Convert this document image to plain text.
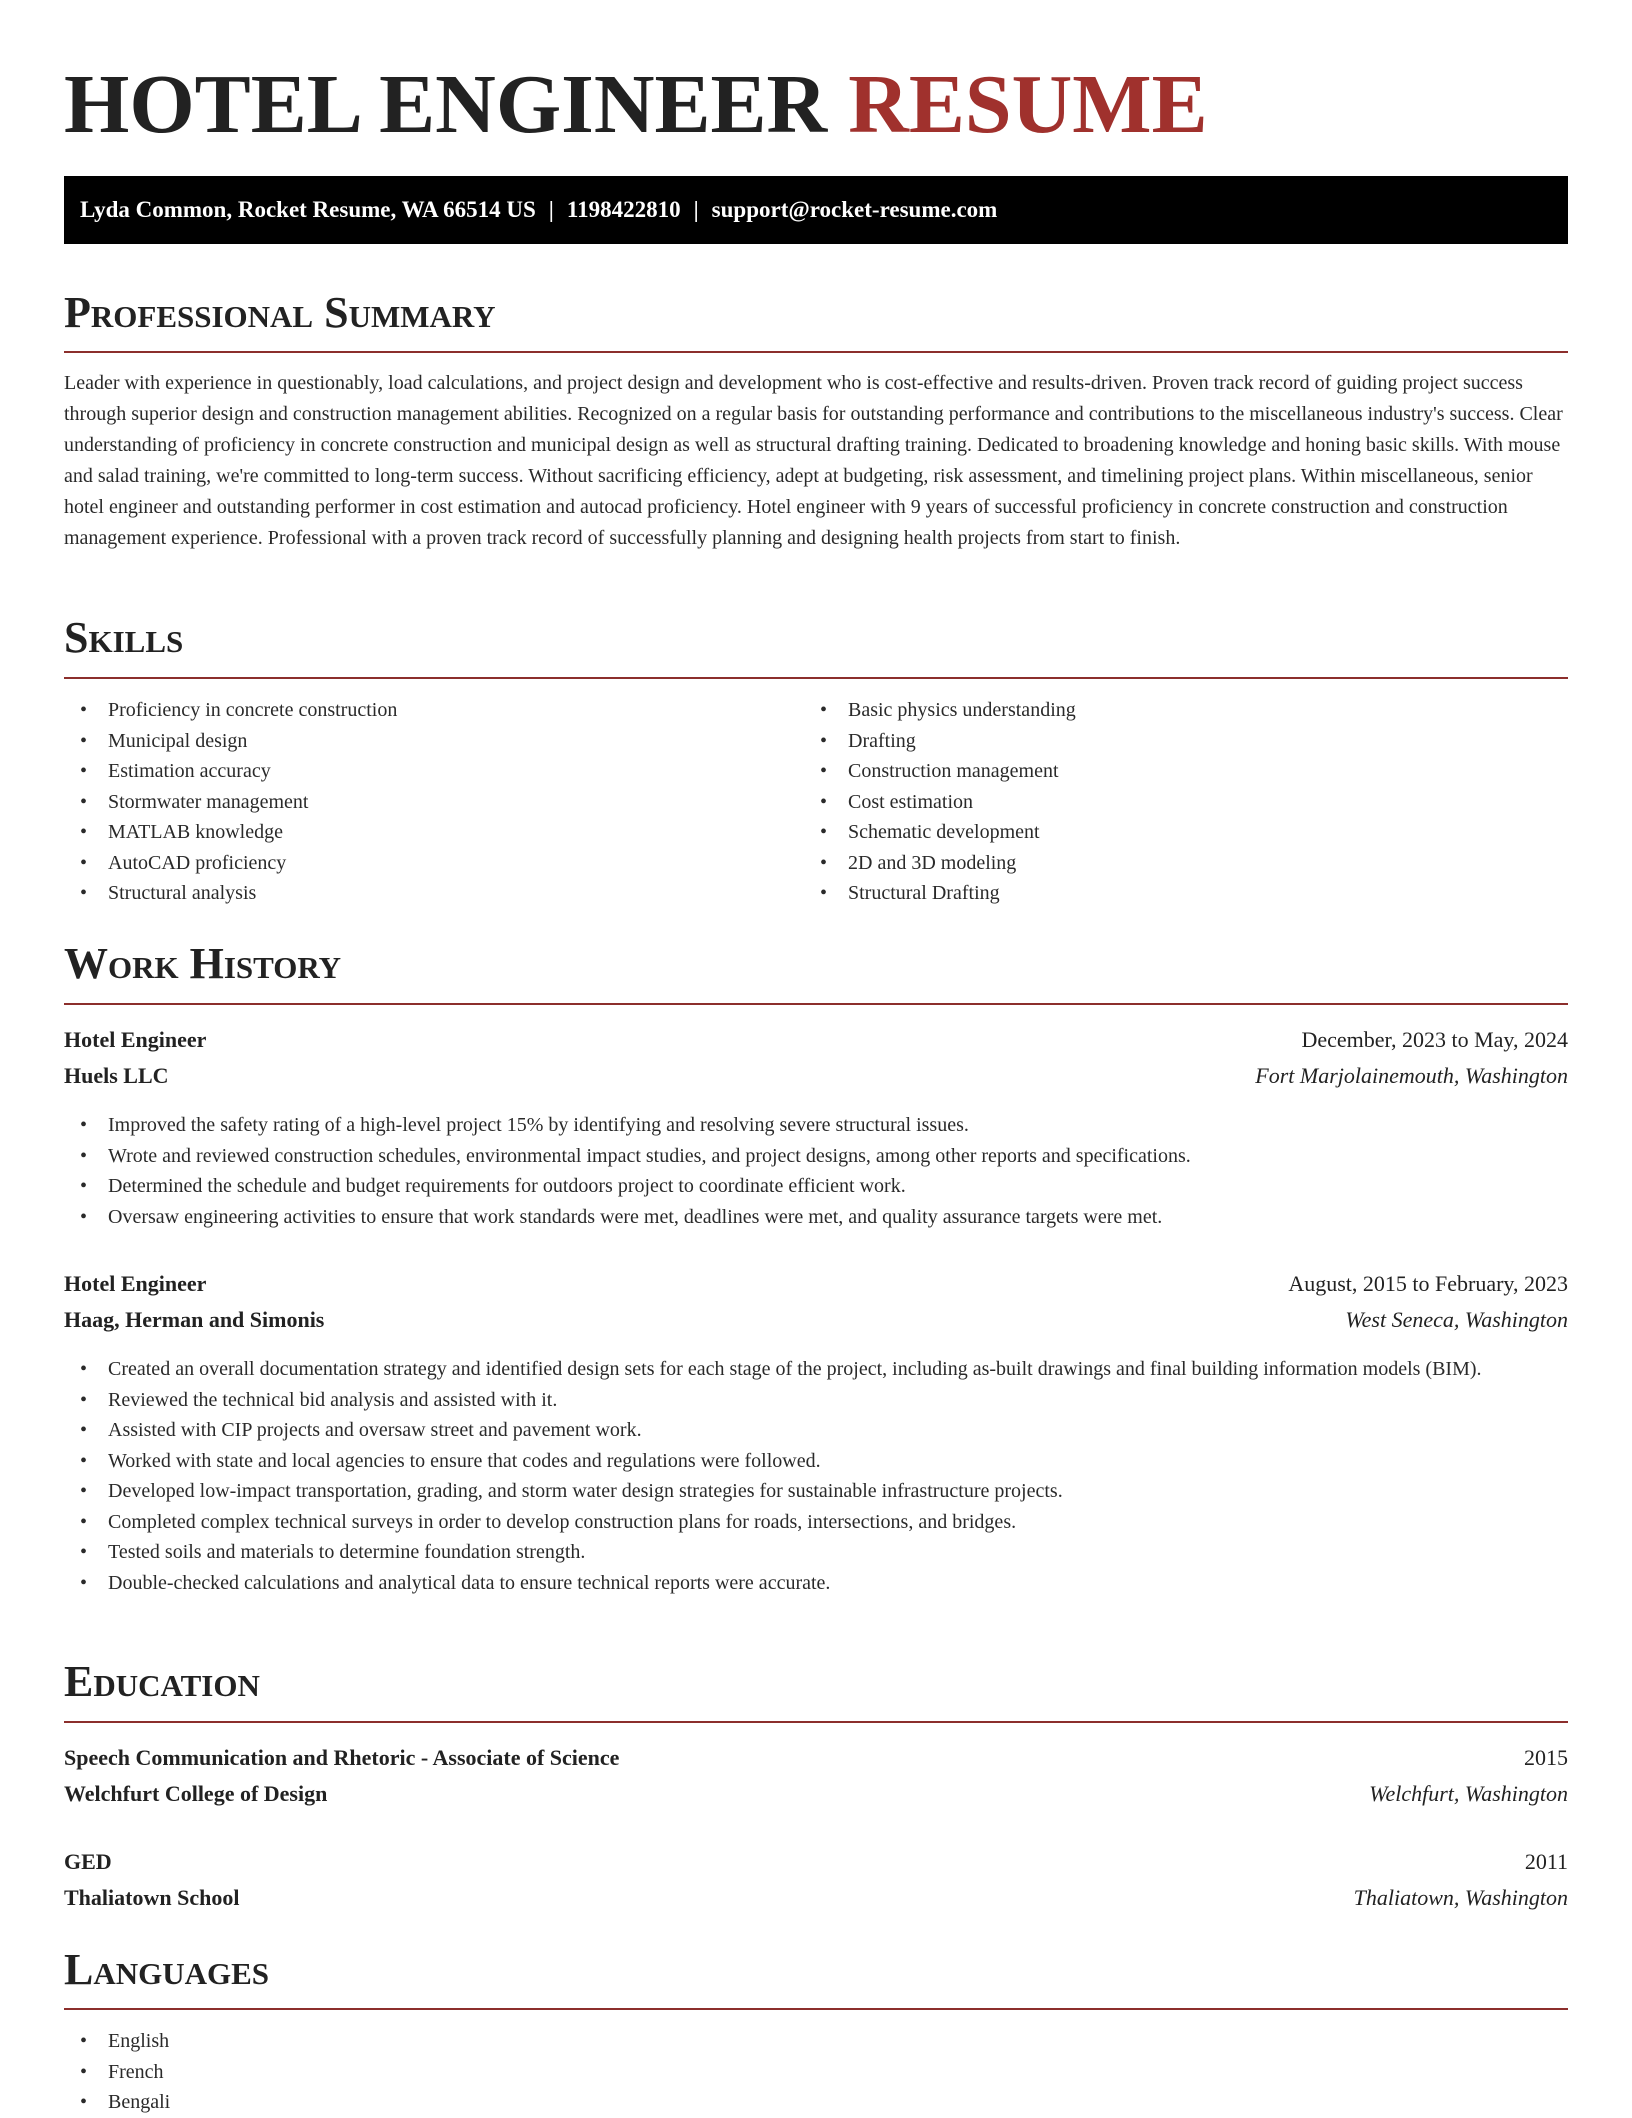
HOTEL ENGINEER RESUME
Lyda Common, Rocket Resume, WA 66514 US | 1198422810 | support@rocket-resume.com
Professional Summary

Leader with experience in questionably, load calculations, and project design and development who is cost-effective and results-driven. Proven track record of guiding project success through superior design and construction management abilities. Recognized on a regular basis for outstanding performance and contributions to the miscellaneous industry's success. Clear understanding of proficiency in concrete construction and municipal design as well as structural drafting training. Dedicated to broadening knowledge and honing basic skills. With mouse and salad training, we're committed to long-term success. Without sacrificing efficiency, adept at budgeting, risk assessment, and timelining project plans. Within miscellaneous, senior hotel engineer and outstanding performer in cost estimation and autocad proficiency. Hotel engineer with 9 years of successful proficiency in concrete construction and construction management experience. Professional with a proven track record of successfully planning and designing health projects from start to finish.

Skills
• Proficiency in concrete construction
• Municipal design
• Estimation accuracy
• Stormwater management
• MATLAB knowledge
• AutoCAD proficiency
• Structural analysis
• Basic physics understanding
• Drafting
• Construction management
• Cost estimation
• Schematic development
• 2D and 3D modeling
• Structural Drafting
Work History
Hotel Engineer	December, 2023 to May, 2024
Huels LLC	Fort Marjolainemouth, Washington
• Improved the safety rating of a high-level project 15% by identifying and resolving severe structural issues.
• Wrote and reviewed construction schedules, environmental impact studies, and project designs, among other reports and specifications.
• Determined the schedule and budget requirements for outdoors project to coordinate efficient work.
• Oversaw engineering activities to ensure that work standards were met, deadlines were met, and quality assurance targets were met.
Hotel Engineer	August, 2015 to February, 2023
Haag, Herman and Simonis	West Seneca, Washington
• Created an overall documentation strategy and identified design sets for each stage of the project, including as-built drawings and final building information models (BIM).
• Reviewed the technical bid analysis and assisted with it.
• Assisted with CIP projects and oversaw street and pavement work.
• Worked with state and local agencies to ensure that codes and regulations were followed.
• Developed low-impact transportation, grading, and storm water design strategies for sustainable infrastructure projects.
• Completed complex technical surveys in order to develop construction plans for roads, intersections, and bridges.
• Tested soils and materials to determine foundation strength.
• Double-checked calculations and analytical data to ensure technical reports were accurate.
Education
Speech Communication and Rhetoric - Associate of Science	2015
Welchfurt College of Design	Welchfurt, Washington
GED	2011
Thaliatown School	Thaliatown, Washington
Languages
• English
• French
• Bengali
